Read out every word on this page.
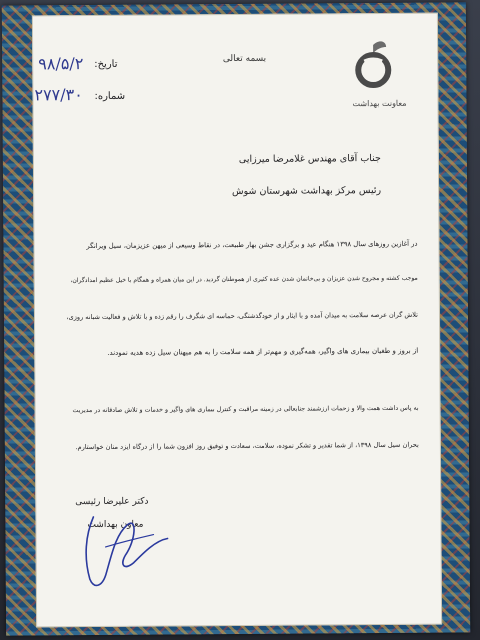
معاونت بهداشت
بسمه تعالی
تاریخ:
۹۸/۵/۲
شماره:
۲۷۷/۳۰
جناب آقای مهندس غلامرضا میرزایی
رئیس مرکز بهداشت شهرستان شوش
در آغازین روزهای سال ۱۳۹۸ هنگام عید و برگزاری جشن بهار طبیعت، در نقاط وسیعی از میهن عزیزمان، سیل ویرانگر
موجب کشته و مجروح شدن عزیزان و بی‌خانمان شدن عده کثیری از هموطنان گردید. در این میان همراه و همگام با خیل عظیم امدادگران،
تلاش گران عرصه سلامت به میدان آمده و با ایثار و از خودگذشتگی، حماسه ای شگرف را رقم زده و با تلاش و فعالیت شبانه روزی،
از بروز و طغیان بیماری های واگیر، همه‌گیری و مهم‌تر از همه سلامت را به هم میهنان سیل زده هدیه نمودند.
به پاس داشت همت والا و زحمات ارزشمند جنابعالی در زمینه مراقبت و کنترل بیماری های واگیر و خدمات و تلاش صادقانه در مدیریت
بحران سیل سال ۱۳۹۸، از شما تقدیر و تشکر نموده، سلامت، سعادت و توفیق روز افزون شما را از درگاه ایزد منان خواستارم.
دکتر علیرضا رئیسی
معاون بهداشت
